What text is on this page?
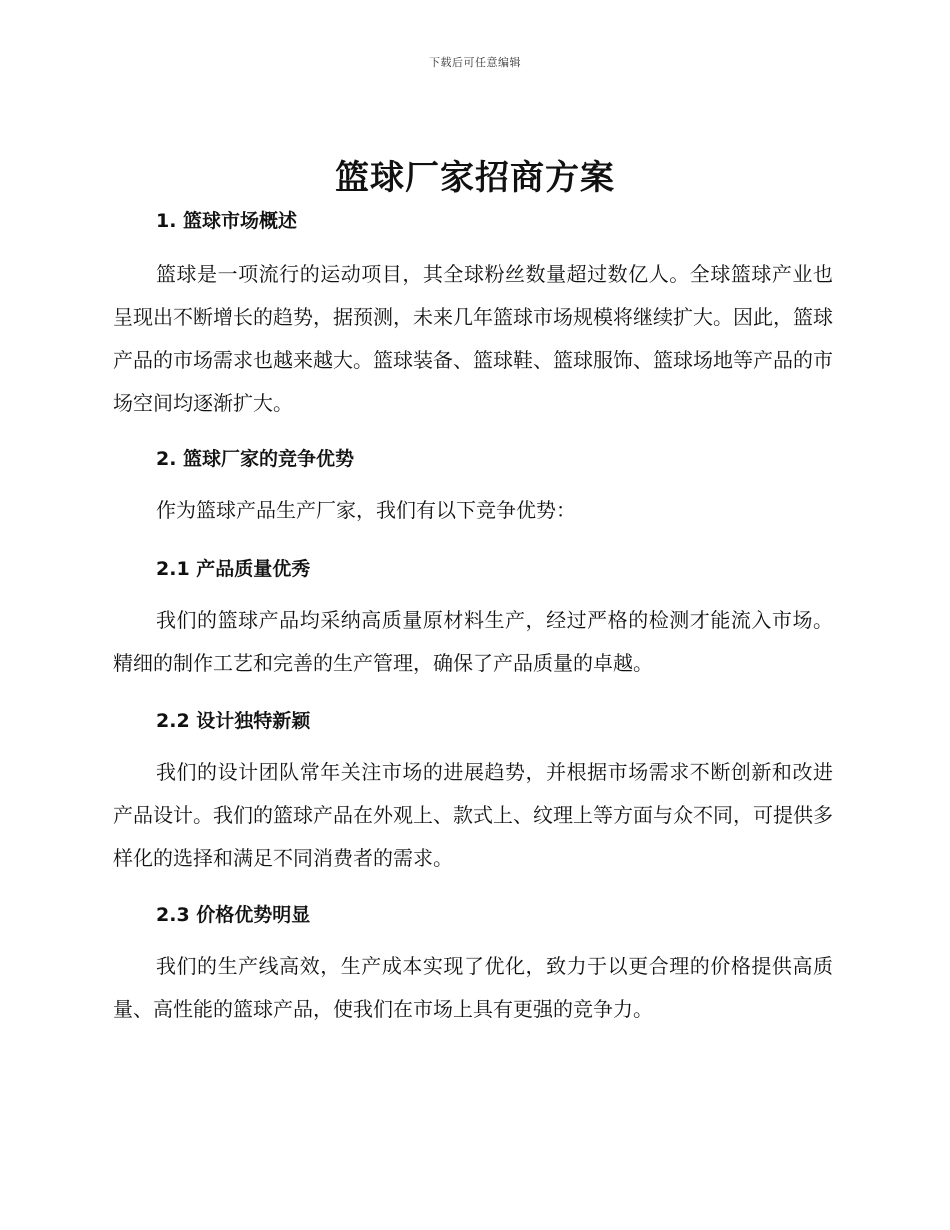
下载后可任意编辑
篮球厂家招商方案
1. 篮球市场概述

篮球是一项流行的运动项目，其全球粉丝数量超过数亿人。全球篮球产业也呈现出不断增长的趋势，据预测，未来几年篮球市场规模将继续扩大。因此，篮球产品的市场需求也越来越大。篮球装备、篮球鞋、篮球服饰、篮球场地等产品的市场空间均逐渐扩大。

2. 篮球厂家的竞争优势

作为篮球产品生产厂家，我们有以下竞争优势：

2.1 产品质量优秀

我们的篮球产品均采纳高质量原材料生产，经过严格的检测才能流入市场。精细的制作工艺和完善的生产管理，确保了产品质量的卓越。

2.2 设计独特新颖

我们的设计团队常年关注市场的进展趋势，并根据市场需求不断创新和改进产品设计。我们的篮球产品在外观上、款式上、纹理上等方面与众不同，可提供多样化的选择和满足不同消费者的需求。

2.3 价格优势明显

我们的生产线高效，生产成本实现了优化，致力于以更合理的价格提供高质量、高性能的篮球产品，使我们在市场上具有更强的竞争力。
